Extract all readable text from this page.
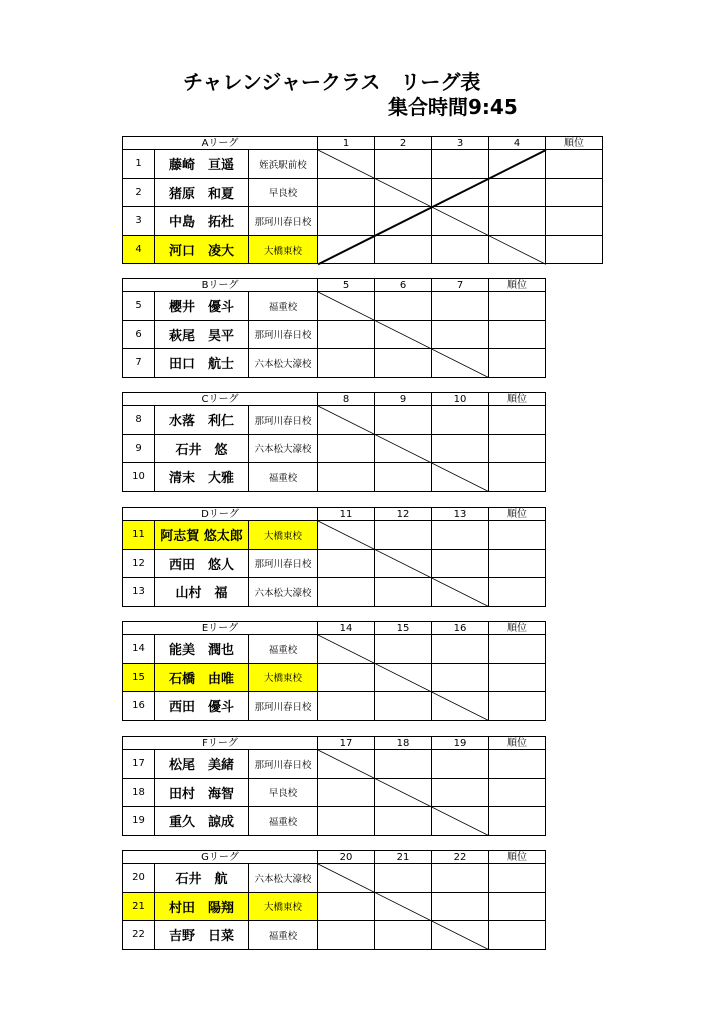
チャレンジャークラス　リーグ表
集合時間9:45
Aリーグ			1	2	3	4	順位
1	藤崎　亘遥	姪浜駅前校					
2	猪原　和夏	早良校					
3	中島　拓杜	那珂川春日校					
4	河口　凌大	大橋東校					
Bリーグ			5	6	7	順位
5	櫻井　優斗	福重校				
6	萩尾　昊平	那珂川春日校				
7	田口　航士	六本松大濠校				
Cリーグ			8	9	10	順位
8	水落　利仁	那珂川春日校				
9	石井　悠	六本松大濠校				
10	清末　大雅	福重校				
Dリーグ			11	12	13	順位
11	阿志賀 悠太郎	大橋東校				
12	西田　悠人	那珂川春日校				
13	山村　福	六本松大濠校				
Eリーグ			14	15	16	順位
14	能美　潤也	福重校				
15	石橋　由唯	大橋東校				
16	西田　優斗	那珂川春日校				
Fリーグ			17	18	19	順位
17	松尾　美緒	那珂川春日校				
18	田村　海智	早良校				
19	重久　諒成	福重校				
Gリーグ			20	21	22	順位
20	石井　航	六本松大濠校				
21	村田　陽翔	大橋東校				
22	吉野　日菜	福重校				
